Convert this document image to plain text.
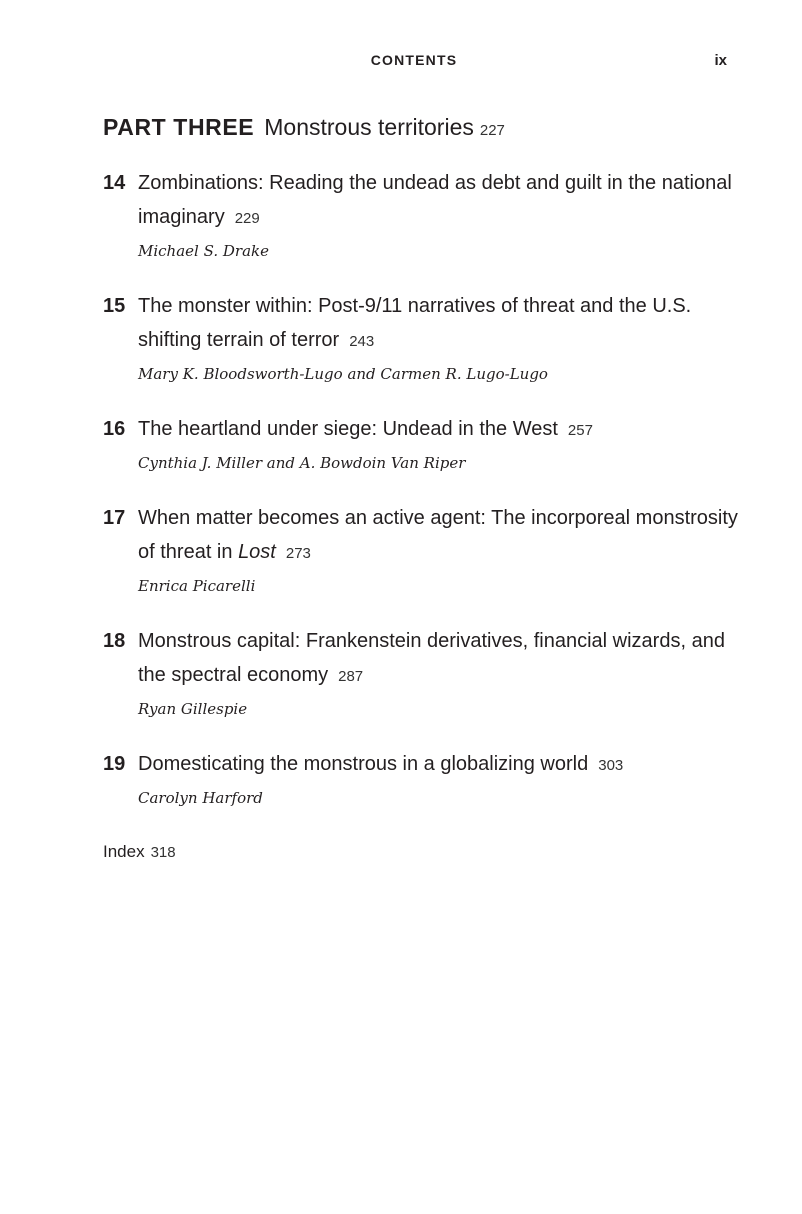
CONTENTS	ix
PART THREE Monstrous territories 227
14 Zombinations: Reading the undead as debt and guilt in the national imaginary 229
Michael S. Drake
15 The monster within: Post-9/11 narratives of threat and the U.S. shifting terrain of terror 243
Mary K. Bloodsworth-Lugo and Carmen R. Lugo-Lugo
16 The heartland under siege: Undead in the West 257
Cynthia J. Miller and A. Bowdoin Van Riper
17 When matter becomes an active agent: The incorporeal monstrosity of threat in Lost 273
Enrica Picarelli
18 Monstrous capital: Frankenstein derivatives, financial wizards, and the spectral economy 287
Ryan Gillespie
19 Domesticating the monstrous in a globalizing world 303
Carolyn Harford
Index 318
